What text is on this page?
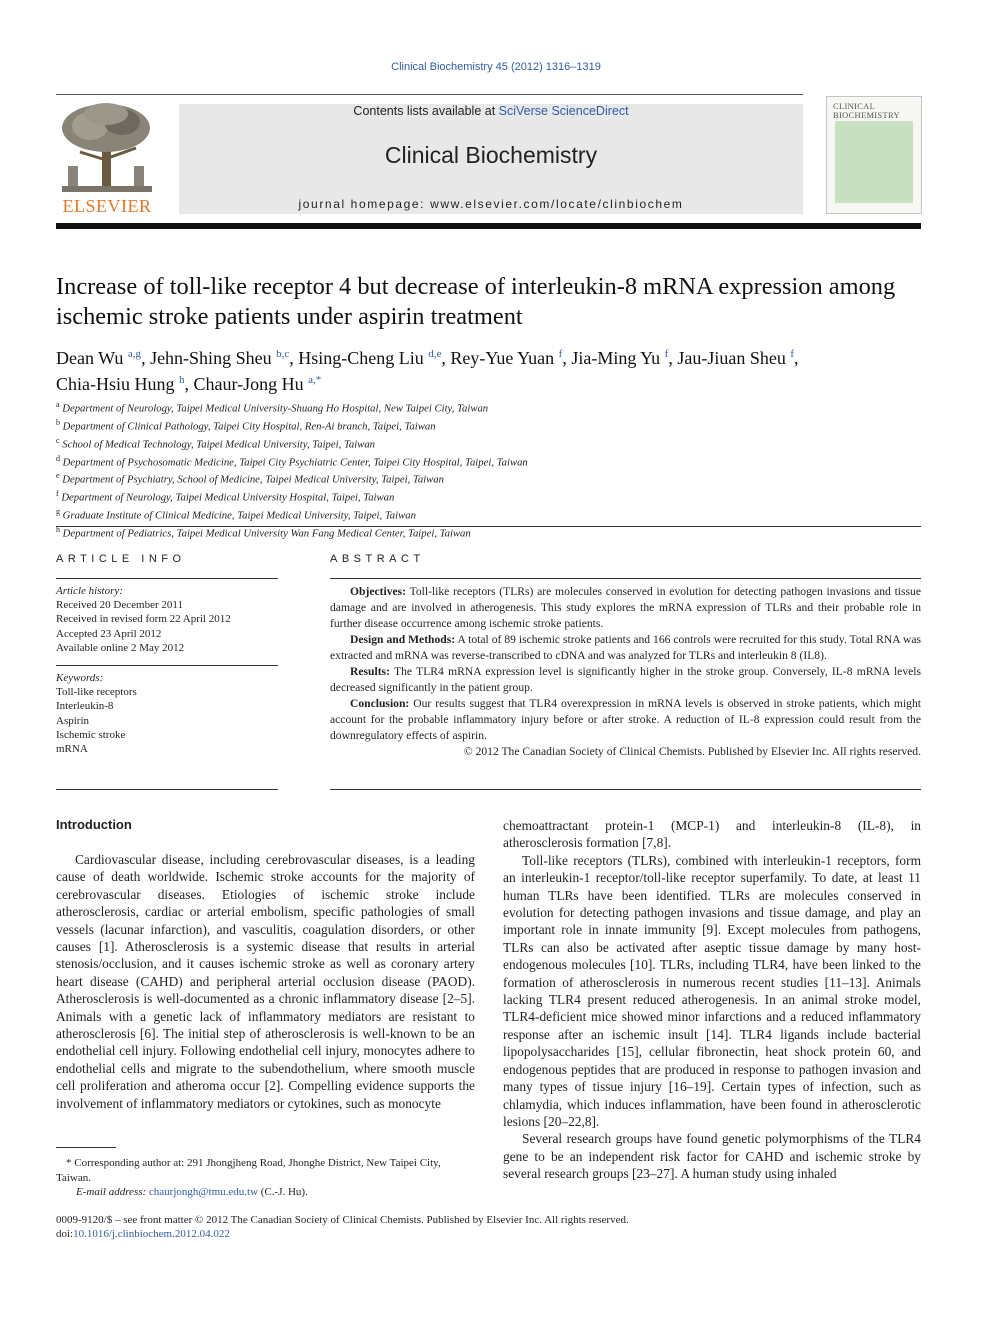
Clinical Biochemistry 45 (2012) 1316–1319
ELSEVIER
Contents lists available at SciVerse ScienceDirect
Clinical Biochemistry
journal homepage: www.elsevier.com/locate/clinbiochem
CLINICAL BIOCHEMISTRY
Increase of toll-like receptor 4 but decrease of interleukin-8 mRNA expression among ischemic stroke patients under aspirin treatment
Dean Wu $^{a,g}$, Jehn-Shing Sheu $^{b,c}$, Hsing-Cheng Liu $^{d,e}$, Rey-Yue Yuan $^f$, Jia-Ming Yu $^f$, Jau-Jiuan Sheu $^f$,
Chia-Hsiu Hung $^h$, Chaur-Jong Hu $^{a,*}$
$^a$ Department of Neurology, Taipei Medical University-Shuang Ho Hospital, New Taipei City, Taiwan
$^b$ Department of Clinical Pathology, Taipei City Hospital, Ren-Ai branch, Taipei, Taiwan
$^c$ School of Medical Technology, Taipei Medical University, Taipei, Taiwan
$^d$ Department of Psychosomatic Medicine, Taipei City Psychiatric Center, Taipei City Hospital, Taipei, Taiwan
$^e$ Department of Psychiatry, School of Medicine, Taipei Medical University, Taipei, Taiwan
$^f$ Department of Neurology, Taipei Medical University Hospital, Taipei, Taiwan
$^g$ Graduate Institute of Clinical Medicine, Taipei Medical University, Taipei, Taiwan
$^h$ Department of Pediatrics, Taipei Medical University Wan Fang Medical Center, Taipei, Taiwan
ARTICLE INFO
Article history:
Received 20 December 2011
Received in revised form 22 April 2012
Accepted 23 April 2012
Available online 2 May 2012
Keywords:
Toll-like receptors
Interleukin-8
Aspirin
Ischemic stroke
mRNA
ABSTRACT

Objectives: Toll-like receptors (TLRs) are molecules conserved in evolution for detecting pathogen invasions and tissue damage and are involved in atherogenesis. This study explores the mRNA expression of TLRs and their probable role in further disease occurrence among ischemic stroke patients.

Design and Methods: A total of 89 ischemic stroke patients and 166 controls were recruited for this study. Total RNA was extracted and mRNA was reverse-transcribed to cDNA and was analyzed for TLRs and interleukin 8 (IL8).

Results: The TLR4 mRNA expression level is significantly higher in the stroke group. Conversely, IL-8 mRNA levels decreased significantly in the patient group.

Conclusion: Our results suggest that TLR4 overexpression in mRNA levels is observed in stroke patients, which might account for the probable inflammatory injury before or after stroke. A reduction of IL-8 expression could result from the downregulatory effects of aspirin.

© 2012 The Canadian Society of Clinical Chemists. Published by Elsevier Inc. All rights reserved.

Introduction

Cardiovascular disease, including cerebrovascular diseases, is a leading cause of death worldwide. Ischemic stroke accounts for the majority of cerebrovascular diseases. Etiologies of ischemic stroke include atherosclerosis, cardiac or arterial embolism, specific pathologies of small vessels (lacunar infarction), and vasculitis, coagulation disorders, or other causes [1]. Atherosclerosis is a systemic disease that results in arterial stenosis/occlusion, and it causes ischemic stroke as well as coronary artery heart disease (CAHD) and peripheral arterial occlusion disease (PAOD). Atherosclerosis is well-documented as a chronic inflammatory disease [2–5]. Animals with a genetic lack of inflammatory mediators are resistant to atherosclerosis [6]. The initial step of atherosclerosis is well-known to be an endothelial cell injury. Following endothelial cell injury, monocytes adhere to endothelial cells and migrate to the subendothelium, where smooth muscle cell proliferation and atheroma occur [2]. Compelling evidence supports the involvement of inflammatory mediators or cytokines, such as monocyte

chemoattractant protein-1 (MCP-1) and interleukin-8 (IL-8), in atherosclerosis formation [7,8].

Toll-like receptors (TLRs), combined with interleukin-1 receptors, form an interleukin-1 receptor/toll-like receptor superfamily. To date, at least 11 human TLRs have been identified. TLRs are molecules conserved in evolution for detecting pathogen invasions and tissue damage, and play an important role in innate immunity [9]. Except molecules from pathogens, TLRs can also be activated after aseptic tissue damage by many host-endogenous molecules [10]. TLRs, including TLR4, have been linked to the formation of atherosclerosis in numerous recent studies [11–13]. Animals lacking TLR4 present reduced atherogenesis. In an animal stroke model, TLR4-deficient mice showed minor infarctions and a reduced inflammatory response after an ischemic insult [14]. TLR4 ligands include bacterial lipopolysaccharides [15], cellular fibronectin, heat shock protein 60, and endogenous peptides that are produced in response to pathogen invasion and many types of tissue injury [16–19]. Certain types of infection, such as chlamydia, which induces inflammation, have been found in atherosclerotic lesions [20–22,8].

Several research groups have found genetic polymorphisms of the TLR4 gene to be an independent risk factor for CAHD and ischemic stroke by several research groups [23–27]. A human study using inhaled

* Corresponding author at: 291 Jhongjheng Road, Jhonghe District, New Taipei City, Taiwan.
E-mail address: chaurjongh@tmu.edu.tw (C.-J. Hu).
0009-9120/$ – see front matter © 2012 The Canadian Society of Clinical Chemists. Published by Elsevier Inc. All rights reserved.
doi:10.1016/j.clinbiochem.2012.04.022
